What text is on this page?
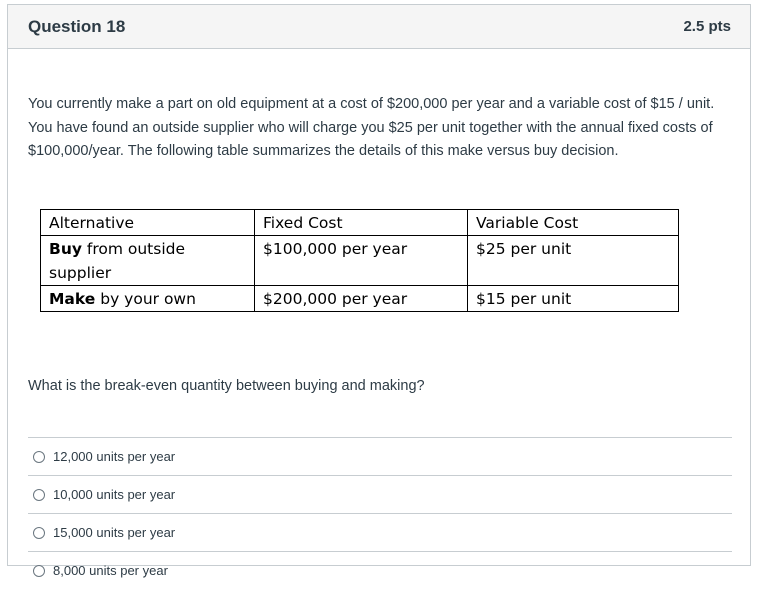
Question 18	2.5 pts

You currently make a part on old equipment at a cost of $200,000 per year and a variable cost of $15 / unit. You have found an outside supplier who will charge you $25 per unit together with the annual fixed costs of $100,000/year. The following table summarizes the details of this make versus buy decision.

Alternative	Fixed Cost	Variable Cost
Buy from outside supplier	$100,000 per year	$25 per unit
Make by your own	$200,000 per year	$15 per unit

What is the break-even quantity between buying and making?

12,000 units per year
10,000 units per year
15,000 units per year
8,000 units per year
